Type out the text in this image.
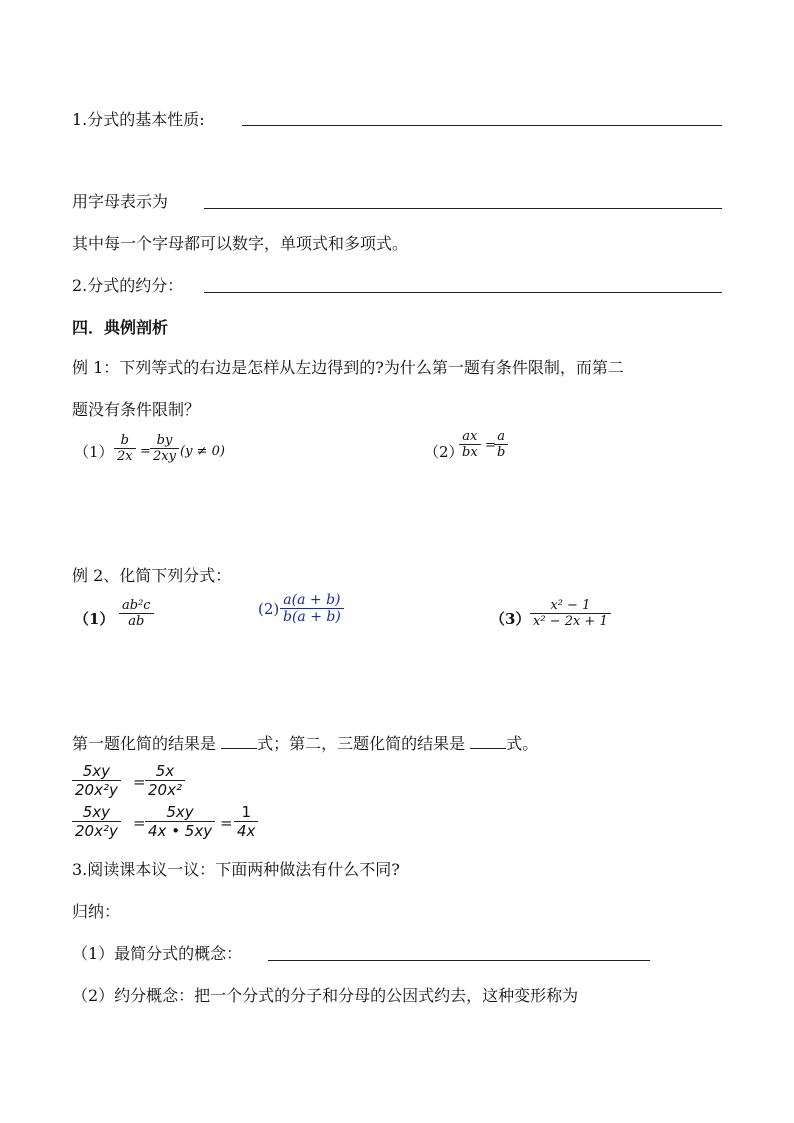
1.分式的基本性质:
用字母表示为
其中每一个字母都可以数字，单项式和多项式。
2.分式的约分：
四．典例剖析
例 1：下列等式的右边是怎样从左边得到的?为什么第一题有条件限制，而第二
题没有条件限制？
（1）
b
2x =
by
2xy (y ≠ 0)	（2）
ax
bx =
a
b
例 2、化简下列分式：
（1）
ab²c
ab
(2) a(a + b)
b(a + b)	（3）
x² − 1
x² − 2x + 1
第一题化简的结果是 式；第二，三题化简的结果是 式。
5xy
20x²y =
5x
20x²
5xy
20x²y =
5xy
4x • 5xy =
1
4x
3.阅读课本议一议：下面两种做法有什么不同?
归纳：
（1）最简分式的概念：
（2）约分概念：把一个分式的分子和分母的公因式约去，这种变形称为
